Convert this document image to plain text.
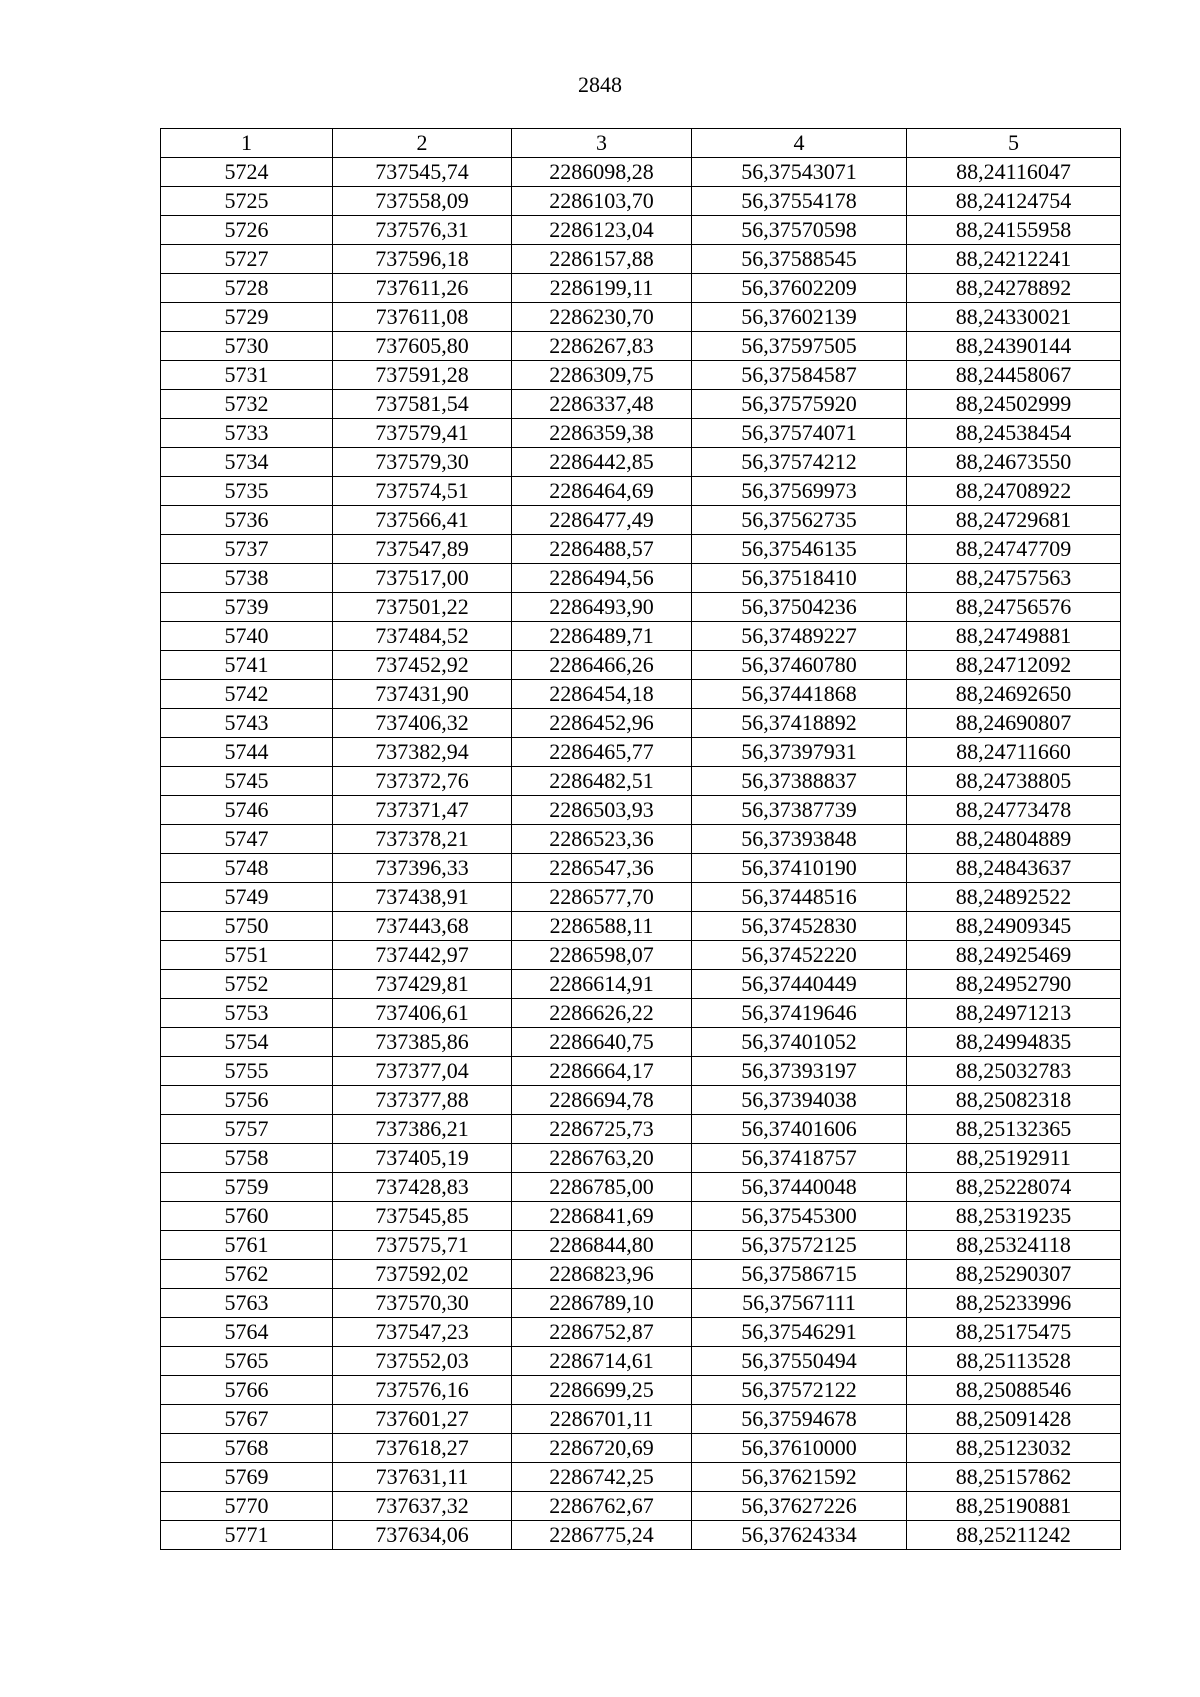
2848
1	2	3	4	5
5724	737545,74	2286098,28	56,37543071	88,24116047
5725	737558,09	2286103,70	56,37554178	88,24124754
5726	737576,31	2286123,04	56,37570598	88,24155958
5727	737596,18	2286157,88	56,37588545	88,24212241
5728	737611,26	2286199,11	56,37602209	88,24278892
5729	737611,08	2286230,70	56,37602139	88,24330021
5730	737605,80	2286267,83	56,37597505	88,24390144
5731	737591,28	2286309,75	56,37584587	88,24458067
5732	737581,54	2286337,48	56,37575920	88,24502999
5733	737579,41	2286359,38	56,37574071	88,24538454
5734	737579,30	2286442,85	56,37574212	88,24673550
5735	737574,51	2286464,69	56,37569973	88,24708922
5736	737566,41	2286477,49	56,37562735	88,24729681
5737	737547,89	2286488,57	56,37546135	88,24747709
5738	737517,00	2286494,56	56,37518410	88,24757563
5739	737501,22	2286493,90	56,37504236	88,24756576
5740	737484,52	2286489,71	56,37489227	88,24749881
5741	737452,92	2286466,26	56,37460780	88,24712092
5742	737431,90	2286454,18	56,37441868	88,24692650
5743	737406,32	2286452,96	56,37418892	88,24690807
5744	737382,94	2286465,77	56,37397931	88,24711660
5745	737372,76	2286482,51	56,37388837	88,24738805
5746	737371,47	2286503,93	56,37387739	88,24773478
5747	737378,21	2286523,36	56,37393848	88,24804889
5748	737396,33	2286547,36	56,37410190	88,24843637
5749	737438,91	2286577,70	56,37448516	88,24892522
5750	737443,68	2286588,11	56,37452830	88,24909345
5751	737442,97	2286598,07	56,37452220	88,24925469
5752	737429,81	2286614,91	56,37440449	88,24952790
5753	737406,61	2286626,22	56,37419646	88,24971213
5754	737385,86	2286640,75	56,37401052	88,24994835
5755	737377,04	2286664,17	56,37393197	88,25032783
5756	737377,88	2286694,78	56,37394038	88,25082318
5757	737386,21	2286725,73	56,37401606	88,25132365
5758	737405,19	2286763,20	56,37418757	88,25192911
5759	737428,83	2286785,00	56,37440048	88,25228074
5760	737545,85	2286841,69	56,37545300	88,25319235
5761	737575,71	2286844,80	56,37572125	88,25324118
5762	737592,02	2286823,96	56,37586715	88,25290307
5763	737570,30	2286789,10	56,37567111	88,25233996
5764	737547,23	2286752,87	56,37546291	88,25175475
5765	737552,03	2286714,61	56,37550494	88,25113528
5766	737576,16	2286699,25	56,37572122	88,25088546
5767	737601,27	2286701,11	56,37594678	88,25091428
5768	737618,27	2286720,69	56,37610000	88,25123032
5769	737631,11	2286742,25	56,37621592	88,25157862
5770	737637,32	2286762,67	56,37627226	88,25190881
5771	737634,06	2286775,24	56,37624334	88,25211242
